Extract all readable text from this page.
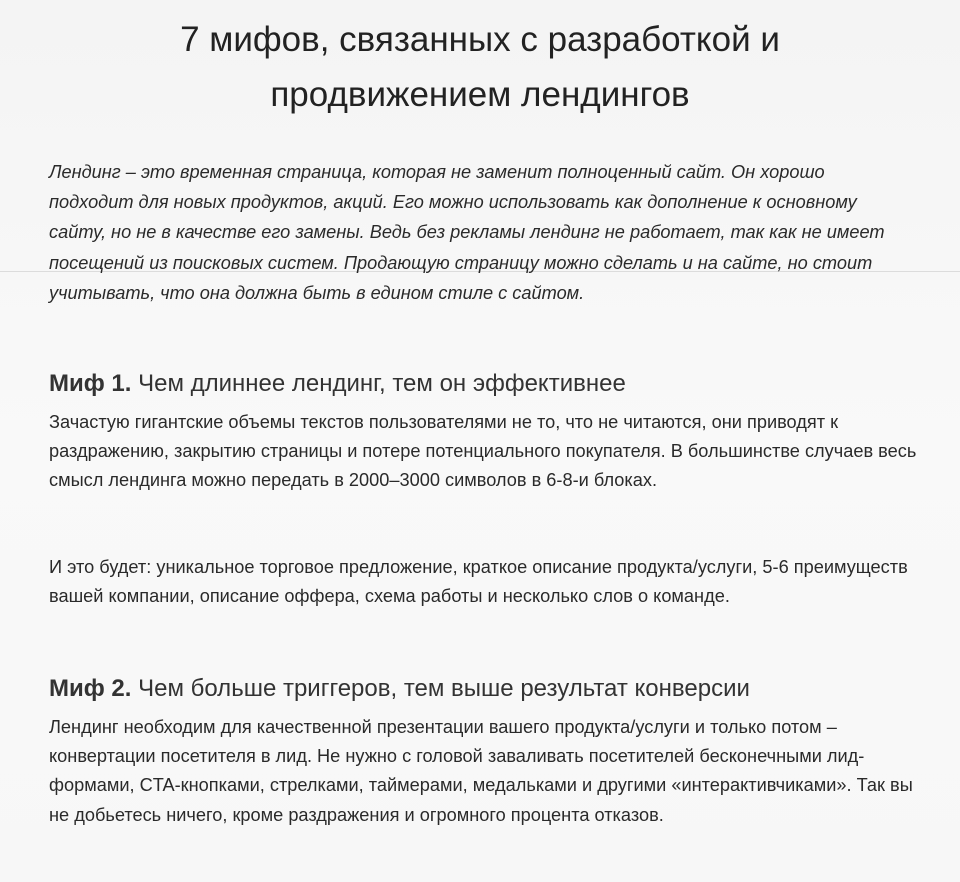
7 мифов, связанных с разработкой и продвижением лендингов

Лендинг – это временная страница, которая не заменит полноценный сайт. Он хорошо подходит для новых продуктов, акций. Его можно использовать как дополнение к основному сайту, но не в качестве его замены. Ведь без рекламы лендинг не работает, так как не имеет посещений из поисковых систем. Продающую страницу можно сделать и на сайте, но стоит учитывать, что она должна быть в едином стиле с сайтом.

Миф 1. Чем длиннее лендинг, тем он эффективнее

Зачастую гигантские объемы текстов пользователями не то, что не читаются, они приводят к раздражению, закрытию страницы и потере потенциального покупателя. В большинстве случаев весь смысл лендинга можно передать в 2000–3000 символов в 6-8-и блоках.

И это будет: уникальное торговое предложение, краткое описание продукта/услуги, 5-6 преимуществ вашей компании, описание оффера, схема работы и несколько слов о команде.

Миф 2. Чем больше триггеров, тем выше результат конверсии

Лендинг необходим для качественной презентации вашего продукта/услуги и только потом – конвертации посетителя в лид. Не нужно с головой заваливать посетителей бесконечными лид-формами, CTA-кнопками, стрелками, таймерами, медальками и другими «интерактивчиками». Так вы не добьетесь ничего, кроме раздражения и огромного процента отказов.
